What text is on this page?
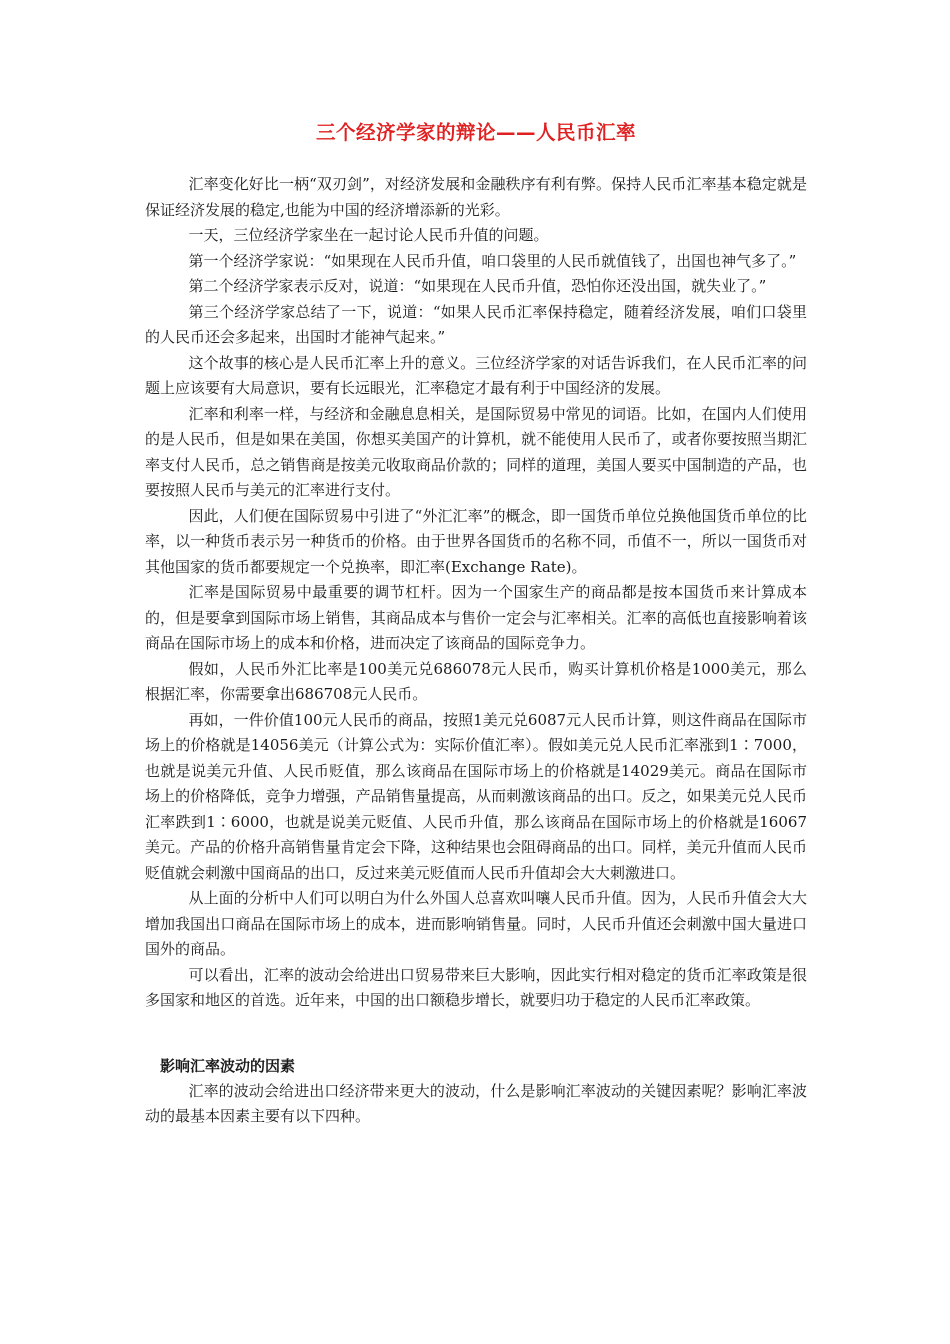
三个经济学家的辩论——人民币汇率

汇率变化好比一柄“双刃剑”，对经济发展和金融秩序有利有弊。保持人民币汇率基本稳定就是保证经济发展的稳定,也能为中国的经济增添新的光彩。

一天，三位经济学家坐在一起讨论人民币升值的问题。

第一个经济学家说：“如果现在人民币升值，咱口袋里的人民币就值钱了，出国也神气多了。”

第二个经济学家表示反对，说道：“如果现在人民币升值，恐怕你还没出国，就失业了。”

第三个经济学家总结了一下，说道：“如果人民币汇率保持稳定，随着经济发展，咱们口袋里的人民币还会多起来，出国时才能神气起来。”

这个故事的核心是人民币汇率上升的意义。三位经济学家的对话告诉我们，在人民币汇率的问题上应该要有大局意识，要有长远眼光，汇率稳定才最有利于中国经济的发展。

汇率和利率一样，与经济和金融息息相关，是国际贸易中常见的词语。比如，在国内人们使用的是人民币，但是如果在美国，你想买美国产的计算机，就不能使用人民币了，或者你要按照当期汇率支付人民币，总之销售商是按美元收取商品价款的；同样的道理，美国人要买中国制造的产品，也要按照人民币与美元的汇率进行支付。

因此，人们便在国际贸易中引进了“外汇汇率”的概念，即一国货币单位兑换他国货币单位的比率，以一种货币表示另一种货币的价格。由于世界各国货币的名称不同，币值不一，所以一国货币对其他国家的货币都要规定一个兑换率，即汇率(Exchange Rate)。

汇率是国际贸易中最重要的调节杠杆。因为一个国家生产的商品都是按本国货币来计算成本的，但是要拿到国际市场上销售，其商品成本与售价一定会与汇率相关。汇率的高低也直接影响着该商品在国际市场上的成本和价格，进而决定了该商品的国际竞争力。

假如，人民币外汇比率是100美元兑686078元人民币，购买计算机价格是1000美元，那么根据汇率，你需要拿出686708元人民币。

再如，一件价值100元人民币的商品，按照1美元兑6087元人民币计算，则这件商品在国际市场上的价格就是14056美元（计算公式为：实际价值汇率）。假如美元兑人民币汇率涨到1∶7000，也就是说美元升值、人民币贬值，那么该商品在国际市场上的价格就是14029美元。商品在国际市场上的价格降低，竞争力增强，产品销售量提高，从而刺激该商品的出口。反之，如果美元兑人民币汇率跌到1∶6000，也就是说美元贬值、人民币升值，那么该商品在国际市场上的价格就是16067美元。产品的价格升高销售量肯定会下降，这种结果也会阻碍商品的出口。同样，美元升值而人民币贬值就会刺激中国商品的出口，反过来美元贬值而人民币升值却会大大刺激进口。

从上面的分析中人们可以明白为什么外国人总喜欢叫嚷人民币升值。因为，人民币升值会大大增加我国出口商品在国际市场上的成本，进而影响销售量。同时，人民币升值还会刺激中国大量进口国外的商品。

可以看出，汇率的波动会给进出口贸易带来巨大影响，因此实行相对稳定的货币汇率政策是很多国家和地区的首选。近年来，中国的出口额稳步增长，就要归功于稳定的人民币汇率政策。

影响汇率波动的因素

汇率的波动会给进出口经济带来更大的波动，什么是影响汇率波动的关键因素呢？影响汇率波动的最基本因素主要有以下四种。
